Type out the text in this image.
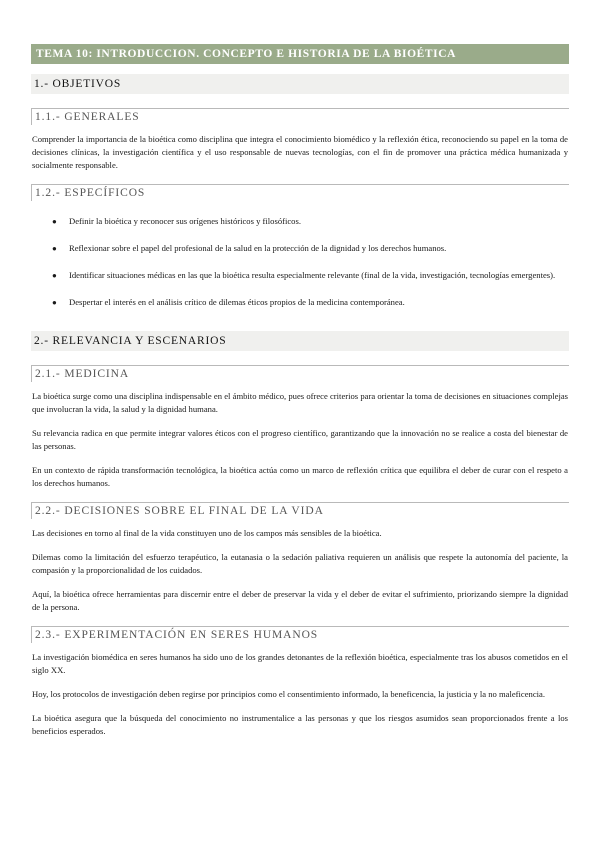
TEMA 10: INTRODUCCION. CONCEPTO E HISTORIA DE LA BIOÉTICA
1.- OBJETIVOS
1.1.- GENERALES

Comprender la importancia de la bioética como disciplina que integra el conocimiento biomédico y la reflexión ética, reconociendo su papel en la toma de decisiones clínicas, la investigación científica y el uso responsable de nuevas tecnologías, con el fin de promover una práctica médica humanizada y socialmente responsable.

1.2.- ESPECÍFICOS
● Definir la bioética y reconocer sus orígenes históricos y filosóficos.
● Reflexionar sobre el papel del profesional de la salud en la protección de la dignidad y los derechos humanos.
● Identificar situaciones médicas en las que la bioética resulta especialmente relevante (final de la vida, investigación, tecnologías emergentes).
● Despertar el interés en el análisis crítico de dilemas éticos propios de la medicina contemporánea.
2.- RELEVANCIA Y ESCENARIOS
2.1.- MEDICINA

La bioética surge como una disciplina indispensable en el ámbito médico, pues ofrece criterios para orientar la toma de decisiones en situaciones complejas que involucran la vida, la salud y la dignidad humana.

Su relevancia radica en que permite integrar valores éticos con el progreso científico, garantizando que la innovación no se realice a costa del bienestar de las personas.

En un contexto de rápida transformación tecnológica, la bioética actúa como un marco de reflexión crítica que equilibra el deber de curar con el respeto a los derechos humanos.

2.2.- DECISIONES SOBRE EL FINAL DE LA VIDA

Las decisiones en torno al final de la vida constituyen uno de los campos más sensibles de la bioética.

Dilemas como la limitación del esfuerzo terapéutico, la eutanasia o la sedación paliativa requieren un análisis que respete la autonomía del paciente, la compasión y la proporcionalidad de los cuidados.

Aquí, la bioética ofrece herramientas para discernir entre el deber de preservar la vida y el deber de evitar el sufrimiento, priorizando siempre la dignidad de la persona.

2.3.- EXPERIMENTACIÓN EN SERES HUMANOS

La investigación biomédica en seres humanos ha sido uno de los grandes detonantes de la reflexión bioética, especialmente tras los abusos cometidos en el siglo XX.

Hoy, los protocolos de investigación deben regirse por principios como el consentimiento informado, la beneficencia, la justicia y la no maleficencia.

La bioética asegura que la búsqueda del conocimiento no instrumentalice a las personas y que los riesgos asumidos sean proporcionados frente a los beneficios esperados.
